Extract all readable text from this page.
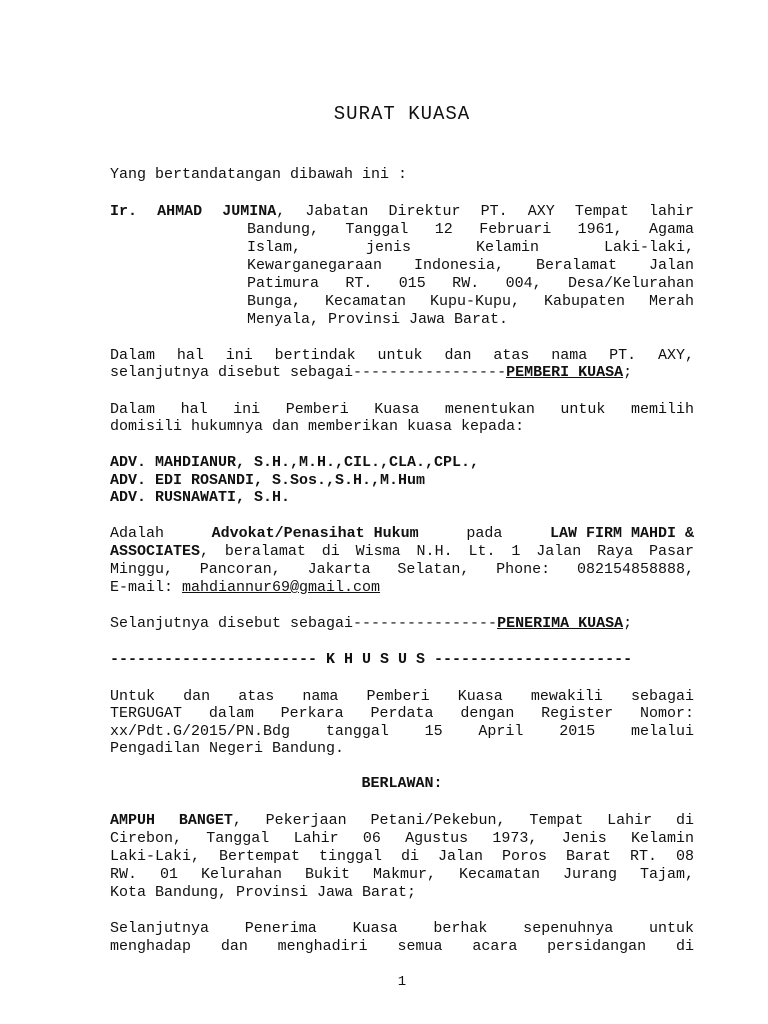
SURAT KUASA
Yang bertandatangan dibawah ini :
Ir. AHMAD JUMINA, Jabatan Direktur PT. AXY Tempat lahir
Bandung, Tanggal 12 Februari 1961, Agama
Islam, jenis Kelamin Laki-laki,
Kewarganegaraan Indonesia, Beralamat Jalan
Patimura RT. 015 RW. 004, Desa/Kelurahan
Bunga, Kecamatan Kupu-Kupu, Kabupaten Merah
Menyala, Provinsi Jawa Barat.
Dalam hal ini bertindak untuk dan atas nama PT. AXY,
selanjutnya disebut sebagai-----------------PEMBERI KUASA;
Dalam hal ini Pemberi Kuasa menentukan untuk memilih
domisili hukumnya dan memberikan kuasa kepada:
ADV. MAHDIANUR, S.H.,M.H.,CIL.,CLA.,CPL.,
ADV. EDI ROSANDI, S.Sos.,S.H.,M.Hum
ADV. RUSNAWATI, S.H.
Adalah	Advokat/Penasihat Hukum	pada	LAW FIRM MAHDI &
ASSOCIATES, beralamat di Wisma N.H. Lt. 1 Jalan Raya Pasar
Minggu, Pancoran, Jakarta Selatan, Phone: 082154858888,
E-mail: mahdiannur69@gmail.com
Selanjutnya disebut sebagai----------------PENERIMA KUASA;
----------------------- K H U S U S ----------------------
Untuk dan atas nama Pemberi Kuasa mewakili sebagai
TERGUGAT dalam Perkara Perdata dengan Register Nomor:
xx/Pdt.G/2015/PN.Bdg tanggal 15 April 2015 melalui
Pengadilan Negeri Bandung.
BERLAWAN:
AMPUH BANGET, Pekerjaan Petani/Pekebun, Tempat Lahir di
Cirebon, Tanggal Lahir 06 Agustus 1973, Jenis Kelamin
Laki-Laki, Bertempat tinggal di Jalan Poros Barat RT. 08
RW. 01 Kelurahan Bukit Makmur, Kecamatan Jurang Tajam,
Kota Bandung, Provinsi Jawa Barat;
Selanjutnya Penerima Kuasa berhak sepenuhnya untuk
menghadap dan menghadiri semua acara persidangan di
1
